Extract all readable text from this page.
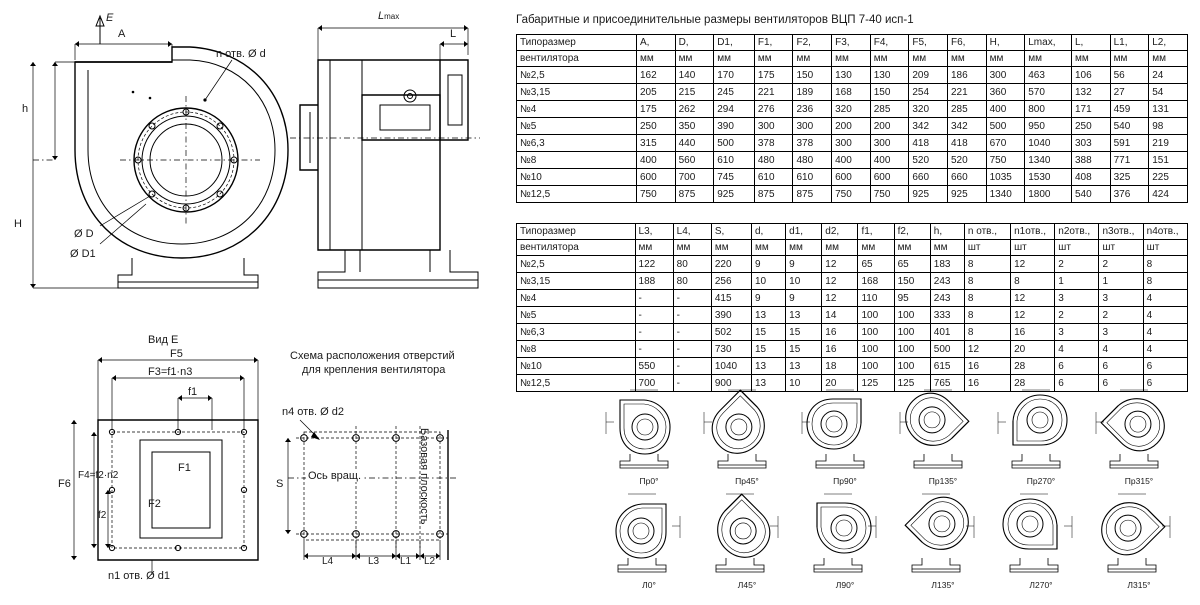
E
A
h
H
Ø D
Ø D1
n отв. Ø d
Lmax
L
Вид Е
F5
F3=f1·n3
f1
F6
F4=f2·n2
f2
F1
F2
n1 отв. Ø d1
Схема расположения отверстий
для крепления вентилятора
n4 отв. Ø d2
Ось вращ.	Базовая плоскость
S
L4	L3 L1 L2
Габаритные и присоединительные размеры вентиляторов ВЦП 7-40 исп-1
Типоразмер	A,	D,	D1,	F1,	F2,	F3,	F4,	F5,	F6,	H,	Lmax,	L,	L1,	L2,
вентилятора	мм	мм	мм	мм	мм	мм	мм	мм	мм	мм	мм	мм	мм	мм
№2,5	162	140	170	175	150	130	130	209	186	300	463	106	56	24
№3,15	205	215	245	221	189	168	150	254	221	360	570	132	27	54
№4	175	262	294	276	236	320	285	320	285	400	800	171	459	131
№5	250	350	390	300	300	200	200	342	342	500	950	250	540	98
№6,3	315	440	500	378	378	300	300	418	418	670	1040	303	591	219
№8	400	560	610	480	480	400	400	520	520	750	1340	388	771	151
№10	600	700	745	610	610	600	600	660	660	1035	1530	408	325	225
№12,5	750	875	925	875	875	750	750	925	925	1340	1800	540	376	424
Типоразмер	L3,	L4,	S,	d,	d1,	d2,	f1,	f2,	h,	n отв.,	n1отв.,	n2отв.,	n3отв.,	n4отв.,
вентилятора	мм	мм	мм	мм	мм	мм	мм	мм	мм	шт	шт	шт	шт	шт
№2,5	122	80	220	9	9	12	65	65	183	8	12	2	2	8
№3,15	188	80	256	10	10	12	168	150	243	8	8	1	1	8
№4	-	-	415	9	9	12	110	95	243	8	12	3	3	4
№5	-	-	390	13	13	14	100	100	333	8	12	2	2	4
№6,3	-	-	502	15	15	16	100	100	401	8	16	3	3	4
№8	-	-	730	15	15	16	100	100	500	12	20	4	4	4
№10	550	-	1040	13	13	18	100	100	615	16	28	6	6	6
№12,5	700	-	900	13	10	20	125	125	765	16	28	6	6	6
Пр0°	Пр45°	Пр90°	Пр135°	Пр270°	Пр315°
Л0°	Л45°	Л90°	Л135°	Л270°	Л315°
